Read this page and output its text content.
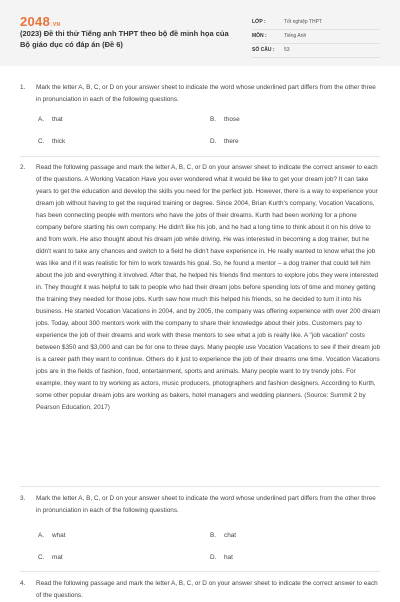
2048.VN
(2023) Đề thi thử Tiếng anh THPT theo bộ đề minh họa của Bộ giáo dục có đáp án (Đề 6)
LỚP :	Tốt nghiệp THPT
MÔN :	Tiếng Anh
SỐ CÂU : 53
1. Mark the letter A, B, C, or D on your answer sheet to indicate the word whose underlined part differs from the other three in pronunciation in each of the following questions.
A. that	B. those
C. thick	D. there
2. Read the following passage and mark the letter A, B, C, or D on your answer sheet to indicate the correct answer to each of the questions. A Working Vacation Have you ever wondered what it would be like to get your dream job? It can take years to get the education and develop the skills you need for the perfect job. However, there is a way to experience your dream job without having to get the required training or degree. Since 2004, Brian Kurth's company, Vocation Vacations, has been connecting people with mentors who have the jobs of their dreams. Kurth had been working for a phone company before starting his own company. He didn't like his job, and he had a long time to think about it on his drive to and from work. He also thought about his dream job while driving. He was interested in becoming a dog trainer, but he didn't want to take any chances and switch to a field he didn't have experience in. He really wanted to know what the job was like and if it was realistic for him to work towards his goal. So, he found a mentor – a dog trainer that could tell him about the job and everything it involved. After that, he helped his friends find mentors to explore jobs they were interested in. They thought it was helpful to talk to people who had their dream jobs before spending lots of time and money getting the training they needed for those jobs. Kurth saw how much this helped his friends, so he decided to turn it into his business. He started Vocation Vacations in 2004, and by 2005, the company was offering experience with over 200 dream jobs. Today, about 300 mentors work with the company to share their knowledge about their jobs. Customers pay to experience the job of their dreams and work with these mentors to see what a job is really like. A "job vacation" costs between $350 and $3,000 and can be for one to three days. Many people use Vocation Vacations to see if their dream job is a career path they want to continue. Others do it just to experience the job of their dreams one time. Vocation Vacations jobs are in the fields of fashion, food, entertainment, sports and animals. Many people want to try trendy jobs. For example, they want to try working as actors, music producers, photographers and fashion designers. According to Kurth, some other popular dream jobs are working as bakers, hotel managers and wedding planners. (Source: Summit 2 by Pearson Education, 2017)
3. Mark the letter A, B, C, or D on your answer sheet to indicate the word whose underlined part differs from the other three in pronunciation in each of the following questions.
A. what	B. chat
C. mat	D. hat
4. Read the following passage and mark the letter A, B, C, or D on your answer sheet to indicate the correct answer to each of the questions.
